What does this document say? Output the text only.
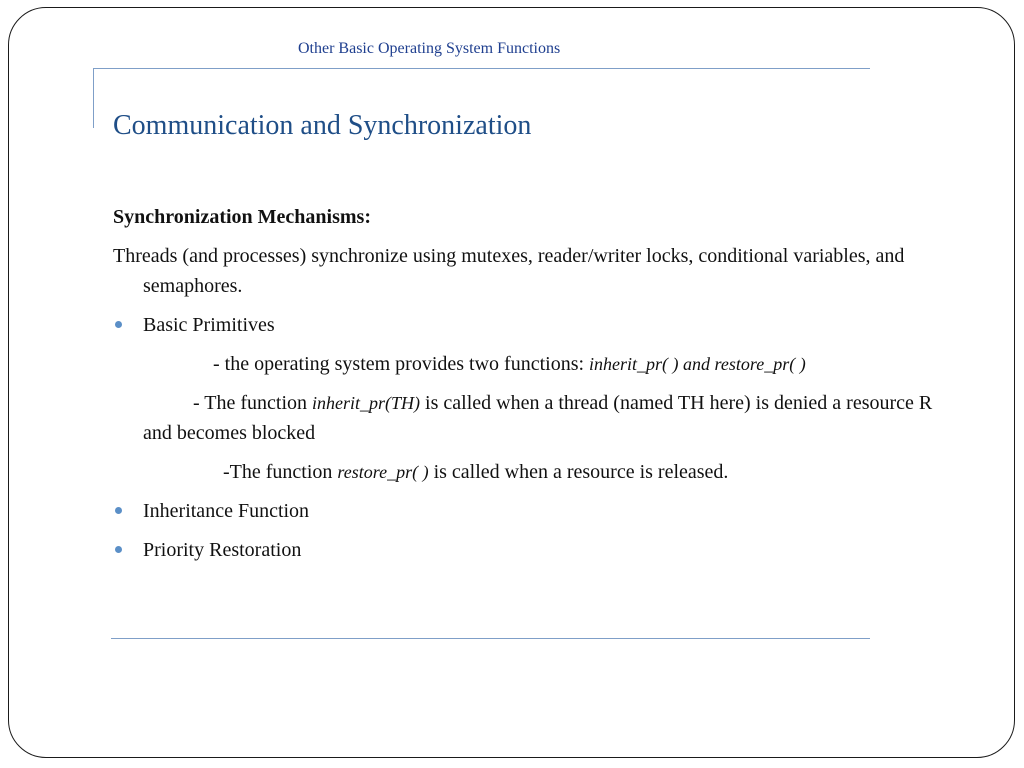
Other Basic Operating System Functions
Communication and Synchronization

Synchronization Mechanisms:

Threads (and processes) synchronize using mutexes, reader/writer locks, conditional variables, and semaphores.

Basic Primitives

- the operating system provides two functions: inherit_pr( ) and restore_pr( )

- The function inherit_pr(TH) is called when a thread (named TH here) is denied a resource R and becomes blocked

-The function restore_pr( ) is called when a resource is released.

Inheritance Function

Priority Restoration
